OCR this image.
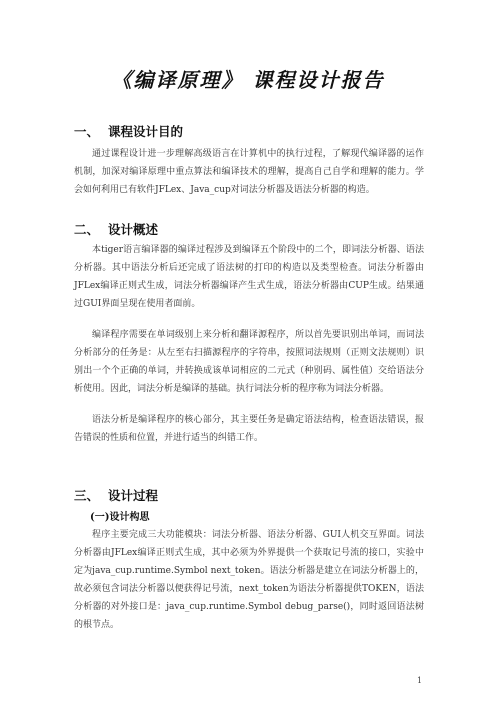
《编译原理》 课程设计报告
一、 课程设计目的
通过课程设计进一步理解高级语言在计算机中的执行过程，了解现代编译器的运作机制，加深对编译原理中重点算法和编译技术的理解，提高自己自学和理解的能力。学会如何利用已有软件JFLex、Java_cup对词法分析器及语法分析器的构造。
二、 设计概述
本tiger语言编译器的编译过程涉及到编译五个阶段中的二个，即词法分析器、语法分析器。其中语法分析后还完成了语法树的打印的构造以及类型检查。词法分析器由JFLex编译正则式生成，词法分析器编译产生式生成，语法分析器由CUP生成。结果通过GUI界面呈现在使用者面前。
编译程序需要在单词级别上来分析和翻译源程序，所以首先要识别出单词，而词法分析部分的任务是：从左至右扫描源程序的字符串，按照词法规则（正则文法规则）识别出一个个正确的单词，并转换成该单词相应的二元式（种别码、属性值）交给语法分析使用。因此，词法分析是编译的基础。执行词法分析的程序称为词法分析器。
语法分析是编译程序的核心部分，其主要任务是确定语法结构，检查语法错误，报告错误的性质和位置，并进行适当的纠错工作。
三、 设计过程
(一)设计构思
程序主要完成三大功能模块：词法分析器、语法分析器、GUI人机交互界面。词法分析器由JFLex编译正则式生成，其中必须为外界提供一个获取记号流的接口，实验中定为java_cup.runtime.Symbol next_token。语法分析器是建立在词法分析器上的，故必须包含词法分析器以便获得记号流，next_token为语法分析器提供TOKEN，语法分析器的对外接口是：java_cup.runtime.Symbol debug_parse()，同时返回语法树的根节点。
1
